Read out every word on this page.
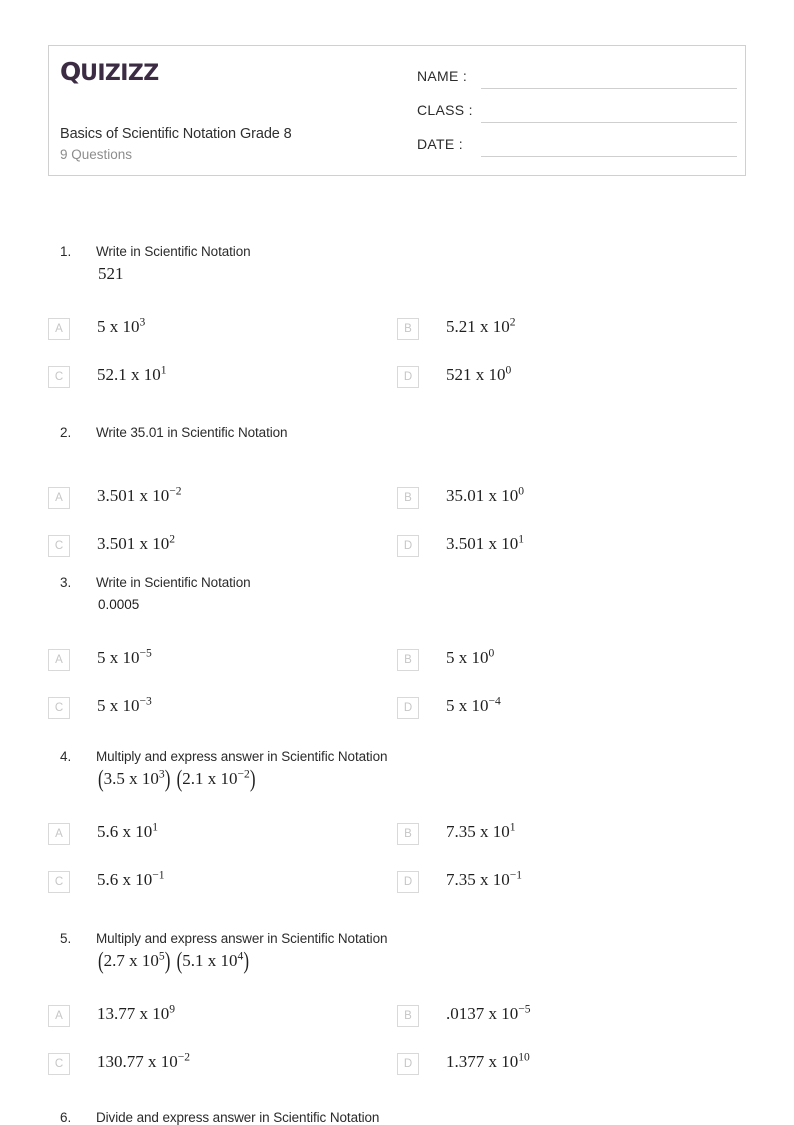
QUIZIZZ
Basics of Scientific Notation Grade 8
9 Questions
NAME :
CLASS :
DATE :
1.	Write in Scientific Notation
521
A	5 x $10^3$
B	5.21 x $10^2$
C	52.1 x $10^1$
D	521 x $10^0$
2.	Write 35.01 in Scientific Notation
A	3.501 x $10^{-2}$
B	35.01 x $10^0$
C	3.501 x $10^2$
D	3.501 x $10^1$
3.	Write in Scientific Notation
0.0005
A	5 x $10^{-5}$
B	5 x $10^0$
C	5 x $10^{-3}$
D	5 x $10^{-4}$
4.	Multiply and express answer in Scientific Notation
(3.5 x $10^3$) (2.1 x $10^{-2}$)
A	5.6 x $10^1$
B	7.35 x $10^1$
C	5.6 x $10^{-1}$
D	7.35 x $10^{-1}$
5.	Multiply and express answer in Scientific Notation
(2.7 x $10^5$) (5.1 x $10^4$)
A	13.77 x $10^9$
B	.0137 x $10^{-5}$
C	130.77 x $10^{-2}$
D	1.377 x $10^{10}$
6.	Divide and express answer in Scientific Notation
